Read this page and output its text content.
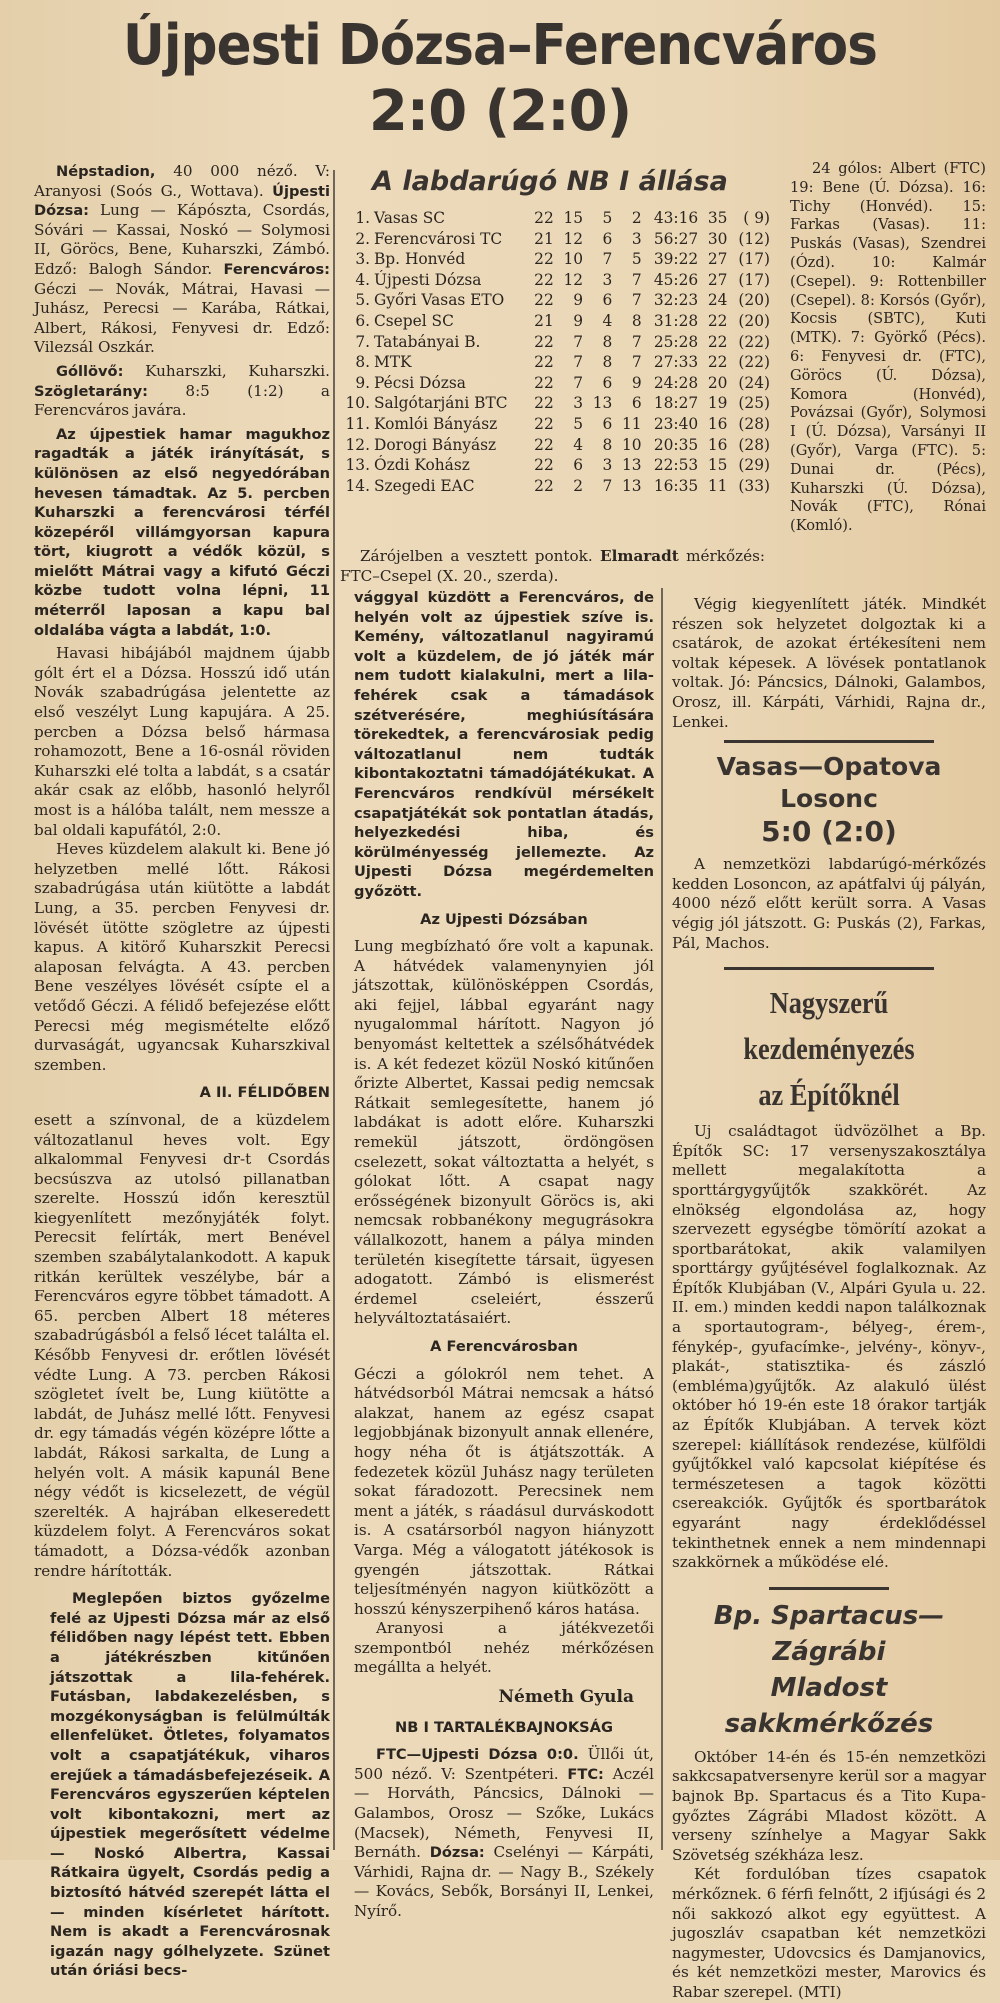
Újpesti Dózsa–Ferencváros
2:0 (2:0)

Népstadion, 40 000 néző. V: Aranyosi (Soós G., Wottava). Újpesti Dózsa: Lung — Kápószta, Csordás, Sóvári — Kassai, Noskó — Solymosi II, Göröcs, Bene, Kuharszki, Zámbó. Edző: Balogh Sándor. Ferencváros: Géczi — Novák, Mátrai, Havasi — Juhász, Perecsi — Karába, Rátkai, Albert, Rákosi, Fenyvesi dr. Edző: Vilezsál Oszkár.

Góllövő: Kuharszki, Kuharszki. Szögletarány: 8:5 (1:2) a Ferencváros javára.

Az újpestiek hamar magukhoz ragadták a játék irányítását, s különösen az első negyedórában hevesen támadtak. Az 5. percben Kuharszki a ferencvárosi térfél közepéről villámgyorsan kapura tört, kiugrott a védők közül, s mielőtt Mátrai vagy a kifutó Géczi közbe tudott volna lépni, 11 méterről laposan a kapu bal oldalába vágta a labdát, 1:0.

Havasi hibájából majdnem újabb gólt ért el a Dózsa. Hosszú idő után Novák szabadrúgása jelentette az első veszélyt Lung kapujára. A 25. percben a Dózsa belső hármasa rohamozott, Bene a 16-osnál röviden Kuharszki elé tolta a labdát, s a csatár akár csak az előbb, hasonló helyről most is a hálóba talált, nem messze a bal oldali kapufától, 2:0.

Heves küzdelem alakult ki. Bene jó helyzetben mellé lőtt. Rákosi szabadrúgása után kiütötte a labdát Lung, a 35. percben Fenyvesi dr. lövését ütötte szögletre az újpesti kapus. A kitörő Kuharszkit Perecsi alaposan felvágta. A 43. percben Bene veszélyes lövését csípte el a vetődő Géczi. A félidő befejezése előtt Perecsi még megismételte előző durvaságát, ugyancsak Kuharszkival szemben.

A II. FÉLIDŐBEN

esett a színvonal, de a küzdelem változatlanul heves volt. Egy alkalommal Fenyvesi dr-t Csordás becsúszva az utolsó pillanatban szerelte. Hosszú időn keresztül kiegyenlített mezőnyjáték folyt. Perecsit felírták, mert Benével szemben szabálytalankodott. A kapuk ritkán kerültek veszélybe, bár a Ferencváros egyre többet támadott. A 65. percben Albert 18 méteres szabadrúgásból a felső lécet találta el. Később Fenyvesi dr. erőtlen lövését védte Lung. A 73. percben Rákosi szögletet ívelt be, Lung kiütötte a labdát, de Juhász mellé lőtt. Fenyvesi dr. egy támadás végén középre lőtte a labdát, Rákosi sarkalta, de Lung a helyén volt. A másik kapunál Bene négy védőt is kicselezett, de végül szerelték. A hajrában elkeseredett küzdelem folyt. A Ferencváros sokat támadott, a Dózsa-védők azonban rendre hárították.

Meglepően biztos győzelme felé az Ujpesti Dózsa már az első félidőben nagy lépést tett. Ebben a játékrészben kitűnően játszottak a lila-fehérek. Futásban, labdakezelésben, s mozgékonyságban is felülmúlták ellenfelüket. Ötletes, folyamatos volt a csapatjátékuk, viharos erejűek a támadásbefejezéseik. A Ferencváros egyszerűen képtelen volt kibontakozni, mert az újpestiek megerősített védelme — Noskó Albertra, Kassai Rátkaira ügyelt, Csordás pedig a biztosító hátvéd szerepét látta el — minden kísérletet hárított. Nem is akadt a Ferencvárosnak igazán nagy gólhelyzete. Szünet után óriási becs-

A labdarúgó NB I állása
1. Vasas SC	22	15	5	2	43:16	35	( 9)
2. Ferencvárosi TC	21	12	6	3	56:27	30	(12)
3. Bp. Honvéd	22	10	7	5	39:22	27	(17)
4. Újpesti Dózsa	22	12	3	7	45:26	27	(17)
5. Győri Vasas ETO	22	9	6	7	32:23	24	(20)
6. Csepel SC	21	9	4	8	31:28	22	(20)
7. Tatabányai B.	22	7	8	7	25:28	22	(22)
8. MTK	22	7	8	7	27:33	22	(22)
9. Pécsi Dózsa	22	7	6	9	24:28	20	(24)
10. Salgótarjáni BTC	22	3	13	6	18:27	19	(25)
11. Komlói Bányász	22	5	6	11	23:40	16	(28)
12. Dorogi Bányász	22	4	8	10	20:35	16	(28)
13. Ózdi Kohász	22	6	3	13	22:53	15	(29)
14. Szegedi EAC	22	2	7	13	16:35	11	(33)

Zárójelben a vesztett pontok. Elmaradt mérkőzés: FTC–Csepel (X. 20., szerda).

vággyal küzdött a Ferencváros, de helyén volt az újpestiek szíve is. Kemény, változatlanul nagyiramú volt a küzdelem, de jó játék már nem tudott kialakulni, mert a lila-fehérek csak a támadások szétverésére, meghiúsítására törekedtek, a ferencvárosiak pedig változatlanul nem tudták kibontakoztatni támadójátékukat. A Ferencváros rendkívül mérsékelt csapatjátékát sok pontatlan átadás, helyezkedési hiba, és körülményesség jellemezte. Az Ujpesti Dózsa megérdemelten győzött.

Az Ujpesti Dózsában

Lung megbízható őre volt a kapunak. A hátvédek valamenynyien jól játszottak, különösképpen Csordás, aki fejjel, lábbal egyaránt nagy nyugalommal hárított. Nagyon jó benyomást keltettek a szélsőhátvédek is. A két fedezet közül Noskó kitűnően őrizte Albertet, Kassai pedig nemcsak Rátkait semlegesítette, hanem jó labdákat is adott előre. Kuharszki remekül játszott, ördöngösen cselezett, sokat változtatta a helyét, s gólokat lőtt. A csapat nagy erősségének bizonyult Göröcs is, aki nemcsak robbanékony megugrásokra vállalkozott, hanem a pálya minden területén kisegítette társait, ügyesen adogatott. Zámbó is elismerést érdemel cseleiért, ésszerű helyváltoztatásaiért.

A Ferencvárosban

Géczi a gólokról nem tehet. A hátvédsorból Mátrai nemcsak a hátsó alakzat, hanem az egész csapat legjobbjának bizonyult annak ellenére, hogy néha őt is átjátszották. A fedezetek közül Juhász nagy területen sokat fáradozott. Perecsinek nem ment a játék, s ráadásul durváskodott is. A csatársorból nagyon hiányzott Varga. Még a válogatott játékosok is gyengén játszottak. Rátkai teljesítményén nagyon kiütközött a hosszú kényszerpihenő káros hatása.

Aranyosi a játékvezetői szempontból nehéz mérkőzésen megállta a helyét.

Németh Gyula
NB I TARTALÉKBAJNOKSÁG

FTC—Ujpesti Dózsa 0:0. Üllői út, 500 néző. V: Szentpéteri. FTC: Aczél — Horváth, Páncsics, Dálnoki — Galambos, Orosz — Szőke, Lukács (Macsek), Németh, Fenyvesi II, Bernáth. Dózsa: Cselényi — Kárpáti, Várhidi, Rajna dr. — Nagy B., Székely — Kovács, Sebők, Borsányi II, Lenkei, Nyírő.

24 gólos: Albert (FTC) 19: Bene (Ú. Dózsa). 16: Tichy (Honvéd). 15: Farkas (Vasas). 11: Puskás (Vasas), Szendrei (Ózd). 10: Kalmár (Csepel). 9: Rottenbiller (Csepel). 8: Korsós (Győr), Kocsis (SBTC), Kuti (MTK). 7: Györkő (Pécs). 6: Fenyvesi dr. (FTC), Göröcs (Ú. Dózsa), Komora (Honvéd), Povázsai (Győr), Solymosi I (Ú. Dózsa), Varsányi II (Győr), Varga (FTC). 5: Dunai dr. (Pécs), Kuharszki (Ú. Dózsa), Novák (FTC), Rónai (Komló).

Végig kiegyenlített játék. Mindkét részen sok helyzetet dolgoztak ki a csatárok, de azokat értékesíteni nem voltak képesek. A lövések pontatlanok voltak. Jó: Páncsics, Dálnoki, Galambos, Orosz, ill. Kárpáti, Várhidi, Rajna dr., Lenkei.

Vasas—Opatova Losonc
5:0 (2:0)

A nemzetközi labdarúgó-mérkőzés kedden Losoncon, az apátfalvi új pályán, 4000 néző előtt került sorra. A Vasas végig jól játszott. G: Puskás (2), Farkas, Pál, Machos.

Nagyszerű kezdeményezés
az Építőknél

Uj családtagot üdvözölhet a Bp. Építők SC: 17 versenyszakosztálya mellett megalakította a sporttárgygyűjtők szakkörét. Az elnökség elgondolása az, hogy szervezett egységbe tömörítí azokat a sportbarátokat, akik valamilyen sporttárgy gyűjtésével foglalkoznak. Az Építők Klubjában (V., Alpári Gyula u. 22. II. em.) minden keddi napon találkoznak a sportautogram-, bélyeg-, érem-, fénykép-, gyufacímke-, jelvény-, könyv-, plakát-, statisztika- és zászló (embléma)gyűjtők. Az alakuló ülést október hó 19-én este 18 órakor tartják az Építők Klubjában. A tervek közt szerepel: kiállítások rendezése, külföldi gyűjtőkkel való kapcsolat kiépítése és természetesen a tagok közötti csereakciók. Gyűjtők és sportbarátok egyaránt nagy érdeklődéssel tekinthetnek ennek a nem mindennapi szakkörnek a működése elé.

Bp. Spartacus—Zágrábi
Mladost sakkmérkőzés

Október 14-én és 15-én nemzetközi sakkcsapatversenyre kerül sor a magyar bajnok Bp. Spartacus és a Tito Kupa-győztes Zágrábi Mladost között. A verseny színhelye a Magyar Sakk Szövetség székháza lesz.

Két fordulóban tízes csapatok mérkőznek. 6 férfi felnőtt, 2 ifjúsági és 2 női sakkozó alkot egy együttest. A jugoszláv csapatban két nemzetközi nagymester, Udovcsics és Damjanovics, és két nemzetközi mester, Marovics és Rabar szerepel. (MTI)
